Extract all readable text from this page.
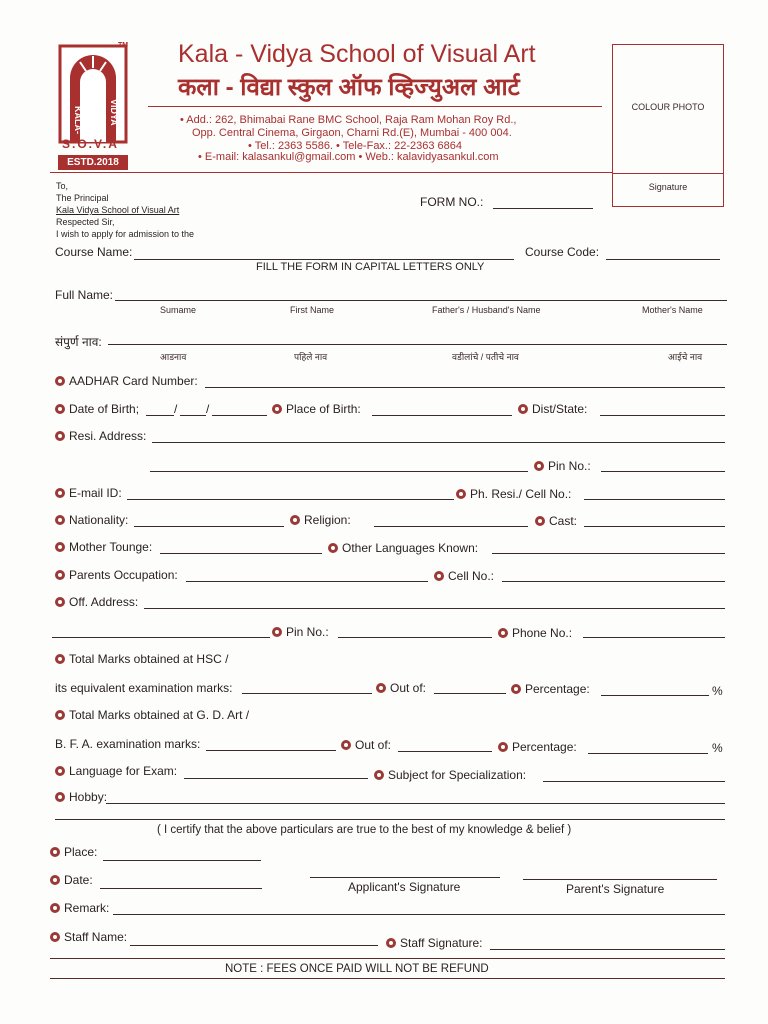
KALA-	VIDYA
TM
S.O.V.A
ESTD.2018
Kala - Vidya School of Visual Art
कला - विद्या स्कुल ऑफ व्हिज्युअल आर्ट
• Add.: 262, Bhimabai Rane BMC School, Raja Ram Mohan Roy Rd.,
Opp. Central Cinema, Girgaon, Charni Rd.(E), Mumbai - 400 004.
• Tel.: 2363 5586. • Tele-Fax.: 22-2363 6864
• E-mail: kalasankul@gmail.com • Web.: kalavidyasankul.com
COLOUR PHOTO
Signature
To,
The Principal
Kala Vidya School of Visual Art
Respected Sir,
I wish to apply for admission to the
FORM NO.:
Course Name:	Course Code:
FILL THE FORM IN CAPITAL LETTERS ONLY
Full Name:
Sumame	First Name	Father's / Husband's Name	Mother's Name
संपुर्ण नाव:
आडनाव	पहिले नाव	वडीलांचे / पतीचे नाव	आईचे नाव
AADHAR Card Number:
Date of Birth;	/ /	Place of Birth:	Dist/State:
Resi. Address:
Pin No.:
E-mail ID:	Ph. Resi./ Cell No.:
Nationality:	Religion:	Cast:
Mother Tounge:	Other Languages Known:
Parents Occupation:	Cell No.:
Off. Address:
Pin No.:	Phone No.:
Total Marks obtained at HSC /
its equivalent examination marks:	Out of:	Percentage:	%
Total Marks obtained at G. D. Art /
B. F. A. examination marks:	Out of:	Percentage:	%
Language for Exam:	Subject for Specialization:
Hobby:
( I certify that the above particulars are true to the best of my knowledge & belief )
Place:
Date:	Applicant's Signature	Parent's Signature
Remark:
Staff Name:	Staff Signature:
NOTE : FEES ONCE PAID WILL NOT BE REFUND
